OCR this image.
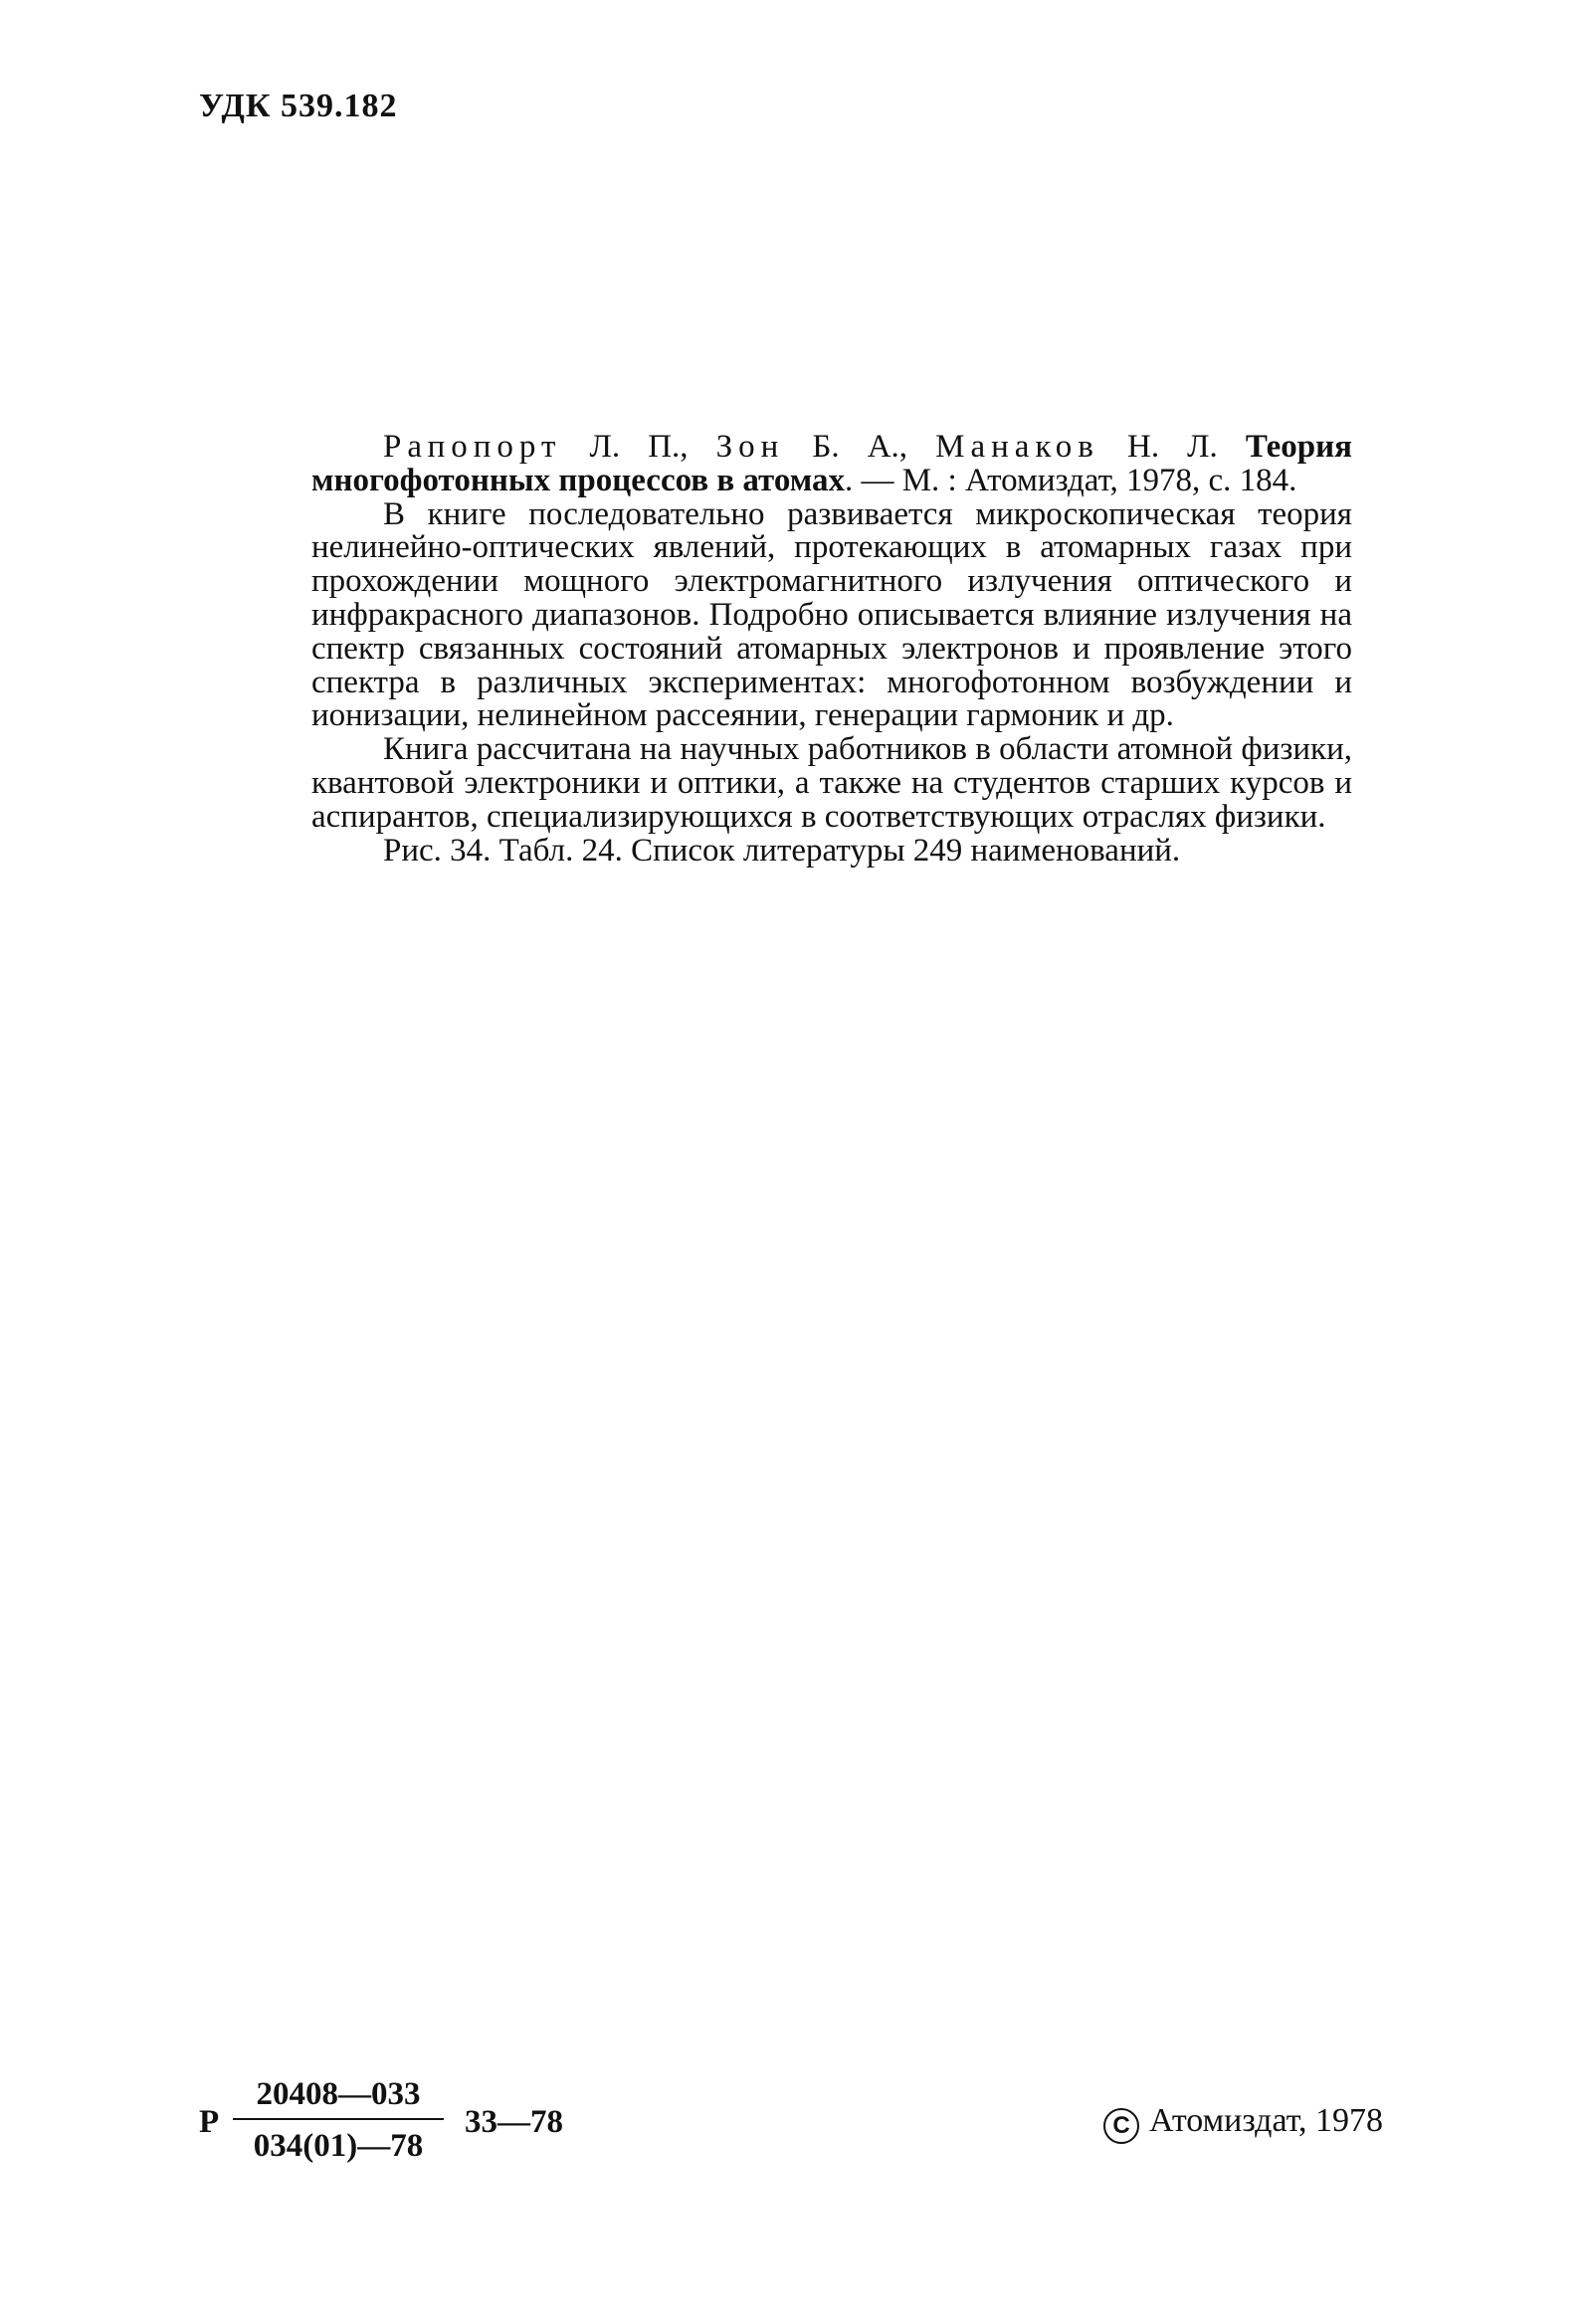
УДК 539.182

Рапопорт Л. П., Зон Б. А., Манаков Н. Л. Теория многофотонных процессов в атомах. — М. : Атомиздат, 1978, с. 184.

В книге последовательно развивается микроскопическая теория нелинейно-оптических явлений, протекающих в атомарных газах при прохождении мощного электромагнитного излучения оптического и инфракрасного диапазонов. Подробно описывается влияние излучения на спектр связанных состояний атомарных электронов и проявление этого спектра в различных экспериментах: многофотонном возбуждении и ионизации, нелинейном рассеянии, генерации гармоник и др.

Книга рассчитана на научных работников в области атомной физики, квантовой электроники и оптики, а также на студентов старших курсов и аспирантов, специализирующихся в соответствующих отраслях физики.

Рис. 34. Табл. 24. Список литературы 249 наименований.

Р
20408—033
034(01)—78
33—78	C Атомиздат, 1978
